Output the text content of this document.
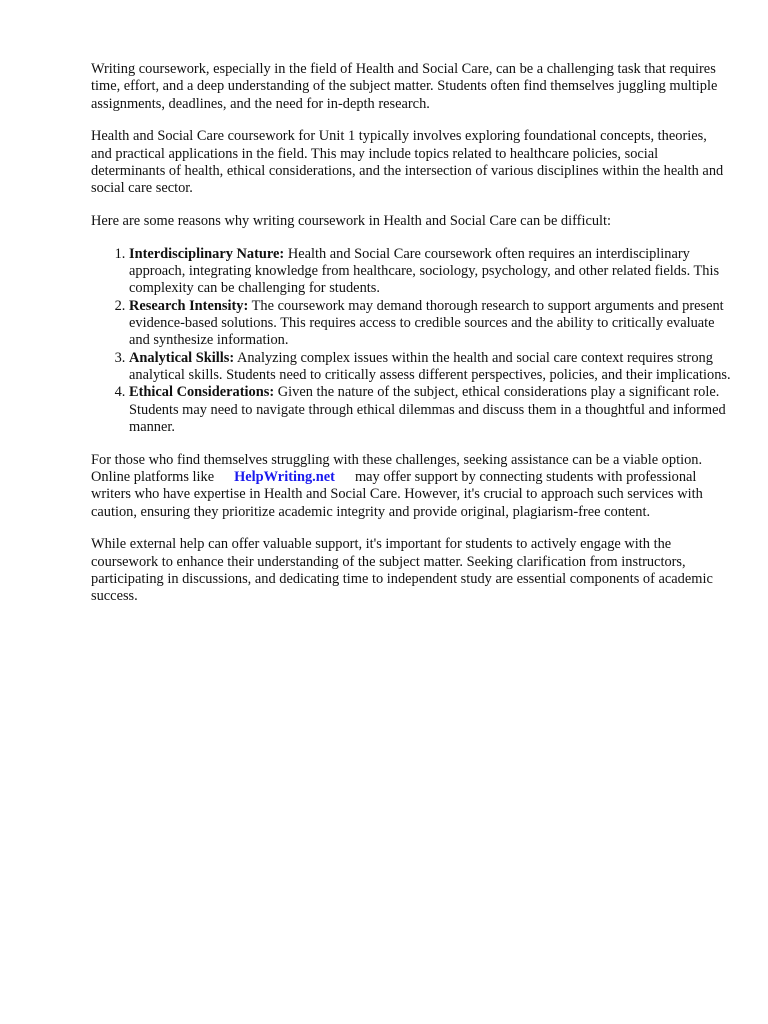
Writing coursework, especially in the field of Health and Social Care, can be a challenging task that requires time, effort, and a deep understanding of the subject matter. Students often find themselves juggling multiple assignments, deadlines, and the need for in-depth research.

Health and Social Care coursework for Unit 1 typically involves exploring foundational concepts, theories, and practical applications in the field. This may include topics related to healthcare policies, social determinants of health, ethical considerations, and the intersection of various disciplines within the health and social care sector.

Here are some reasons why writing coursework in Health and Social Care can be difficult:

1. Interdisciplinary Nature: Health and Social Care coursework often requires an interdisciplinary approach, integrating knowledge from healthcare, sociology, psychology, and other related fields. This complexity can be challenging for students.
2. Research Intensity: The coursework may demand thorough research to support arguments and present evidence-based solutions. This requires access to credible sources and the ability to critically evaluate and synthesize information.
3. Analytical Skills: Analyzing complex issues within the health and social care context requires strong analytical skills. Students need to critically assess different perspectives, policies, and their implications.
4. Ethical Considerations: Given the nature of the subject, ethical considerations play a significant role. Students may need to navigate through ethical dilemmas and discuss them in a thoughtful and informed manner.

For those who find themselves struggling with these challenges, seeking assistance can be a viable option. Online platforms like HelpWriting.net may offer support by connecting students with professional writers who have expertise in Health and Social Care. However, it's crucial to approach such services with caution, ensuring they prioritize academic integrity and provide original, plagiarism-free content.

While external help can offer valuable support, it's important for students to actively engage with the coursework to enhance their understanding of the subject matter. Seeking clarification from instructors, participating in discussions, and dedicating time to independent study are essential components of academic success.
